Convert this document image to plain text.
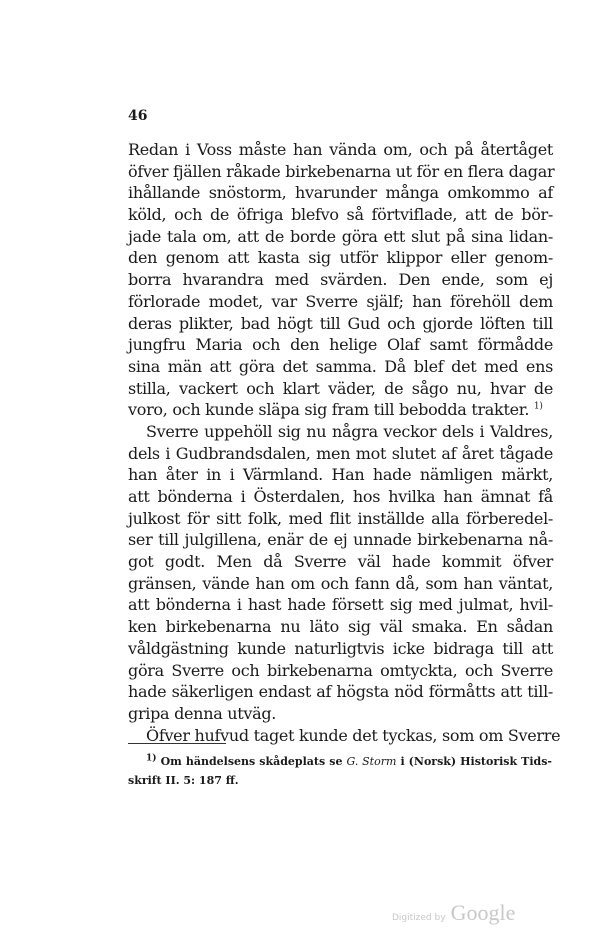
46
Redan i Voss måste han vända om, och på återtåget
öfver fjällen råkade birkebenarna ut för en flera dagar
ihållande snöstorm, hvarunder många omkommo af
köld, och de öfriga blefvo så förtviflade, att de bör-
jade tala om, att de borde göra ett slut på sina lidan-
den genom att kasta sig utför klippor eller genom-
borra hvarandra med svärden. Den ende, som ej
förlorade modet, var Sverre själf; han förehöll dem
deras plikter, bad högt till Gud och gjorde löften till
jungfru Maria och den helige Olaf samt förmådde
sina män att göra det samma. Då blef det med ens
stilla, vackert och klart väder, de sågo nu, hvar de
voro, och kunde släpa sig fram till bebodda trakter. $^{1)}$
Sverre uppehöll sig nu några veckor dels i Valdres,
dels i Gudbrandsdalen, men mot slutet af året tågade
han åter in i Värmland. Han hade nämligen märkt,
att bönderna i Österdalen, hos hvilka han ämnat få
julkost för sitt folk, med flit inställde alla förberedel-
ser till julgillena, enär de ej unnade birkebenarna nå-
got godt. Men då Sverre väl hade kommit öfver
gränsen, vände han om och fann då, som han väntat,
att bönderna i hast hade försett sig med julmat, hvil-
ken birkebenarna nu läto sig väl smaka. En sådan
våldgästning kunde naturligtvis icke bidraga till att
göra Sverre och birkebenarna omtyckta, och Sverre
hade säkerligen endast af högsta nöd förmåtts att till-
gripa denna utväg.
Öfver hufvud taget kunde det tyckas, som om Sverre
$^{1)}$ Om händelsens skådeplats se G. Storm i (Norsk) Historisk Tids-
skrift II. 5: 187 ff.
Digitized by Google
